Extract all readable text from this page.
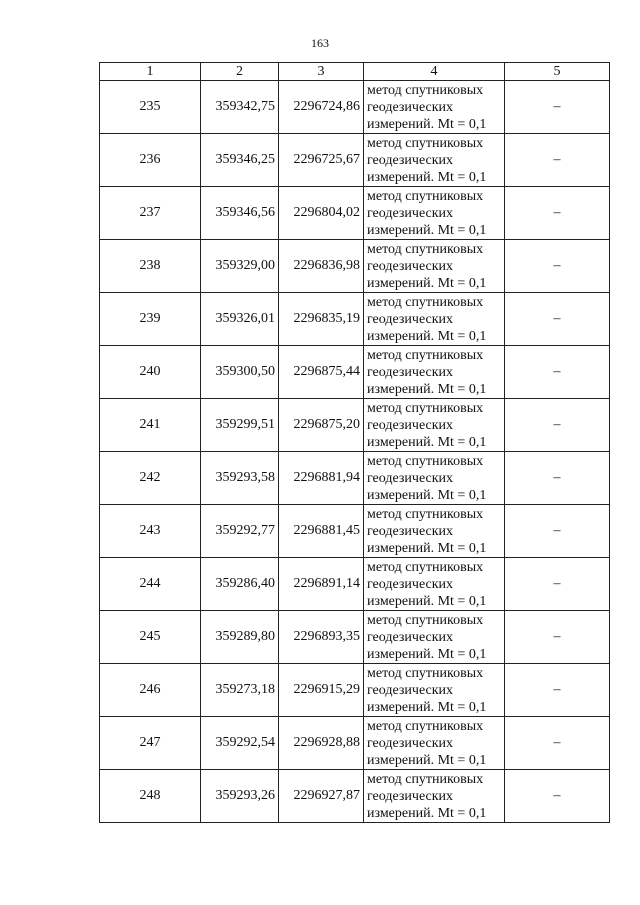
163
1	2	3	4	5
235	359342,75	2296724,86	метод спутниковых
геодезических
измерений. Mt = 0,1	–
236	359346,25	2296725,67	метод спутниковых
геодезических
измерений. Mt = 0,1	–
237	359346,56	2296804,02	метод спутниковых
геодезических
измерений. Mt = 0,1	–
238	359329,00	2296836,98	метод спутниковых
геодезических
измерений. Mt = 0,1	–
239	359326,01	2296835,19	метод спутниковых
геодезических
измерений. Mt = 0,1	–
240	359300,50	2296875,44	метод спутниковых
геодезических
измерений. Mt = 0,1	–
241	359299,51	2296875,20	метод спутниковых
геодезических
измерений. Mt = 0,1	–
242	359293,58	2296881,94	метод спутниковых
геодезических
измерений. Mt = 0,1	–
243	359292,77	2296881,45	метод спутниковых
геодезических
измерений. Mt = 0,1	–
244	359286,40	2296891,14	метод спутниковых
геодезических
измерений. Mt = 0,1	–
245	359289,80	2296893,35	метод спутниковых
геодезических
измерений. Mt = 0,1	–
246	359273,18	2296915,29	метод спутниковых
геодезических
измерений. Mt = 0,1	–
247	359292,54	2296928,88	метод спутниковых
геодезических
измерений. Mt = 0,1	–
248	359293,26	2296927,87	метод спутниковых
геодезических
измерений. Mt = 0,1	–
